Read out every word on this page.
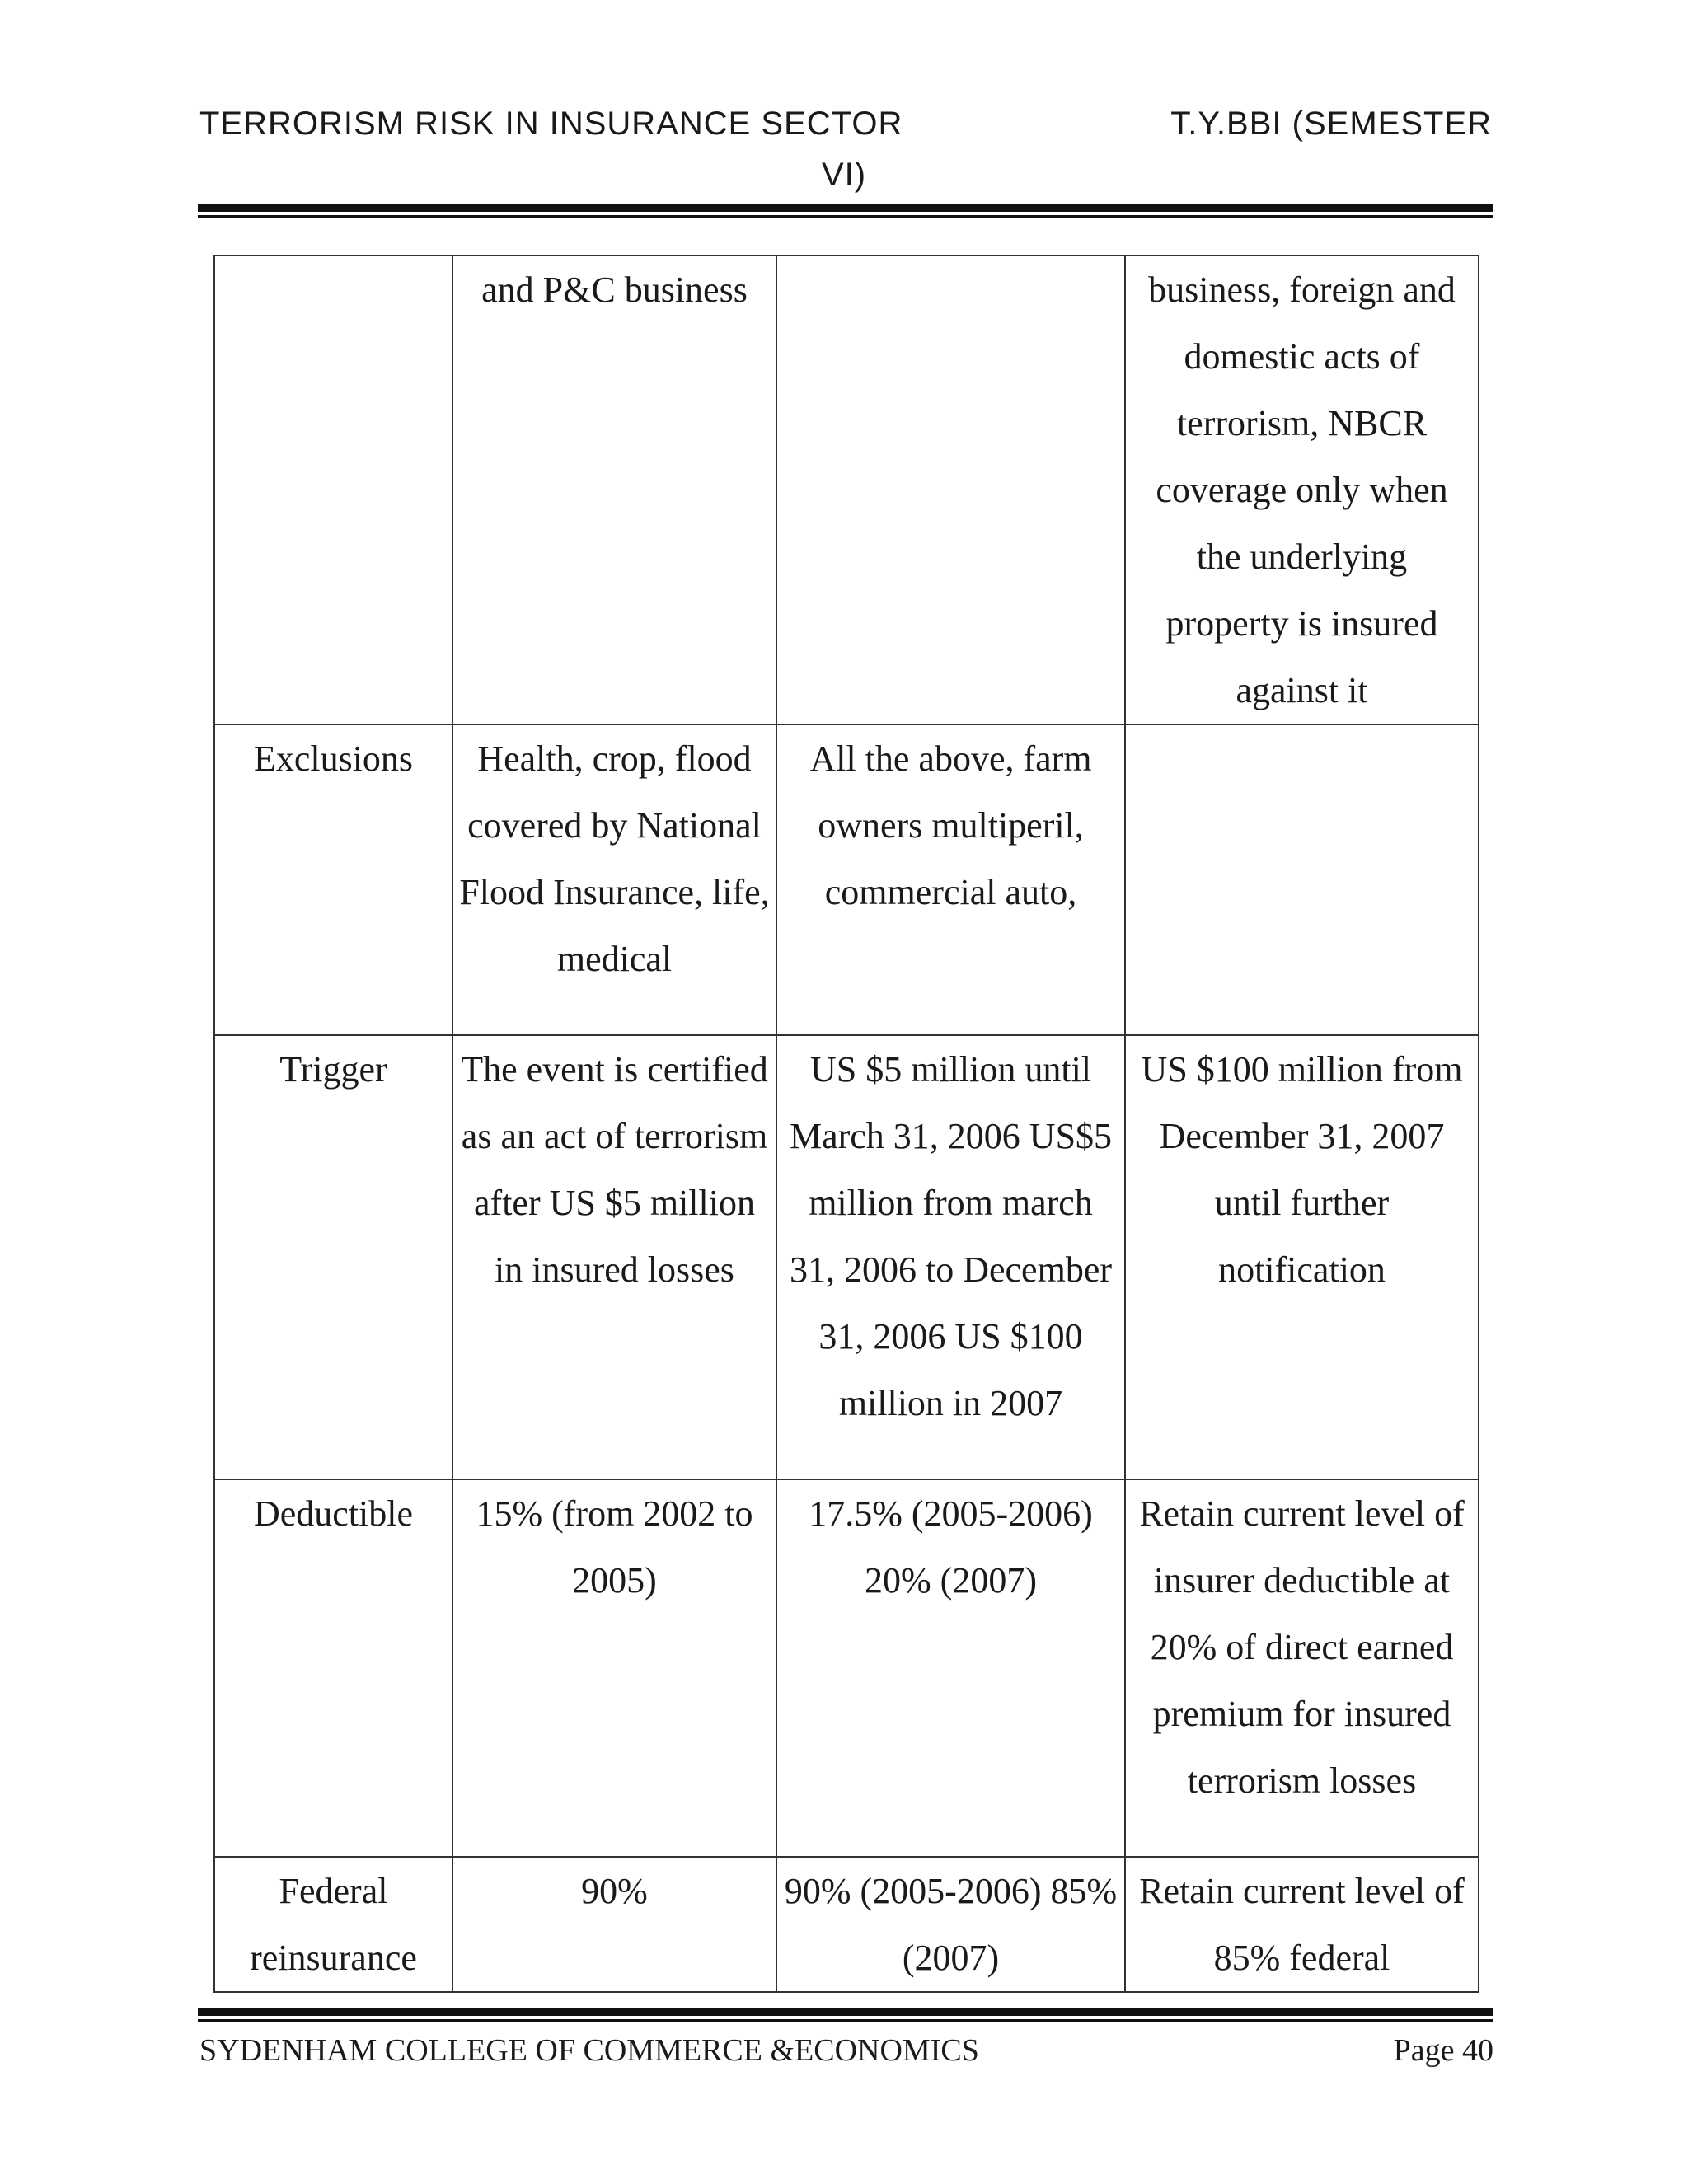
TERRORISM RISK IN INSURANCE SECTOR	T.Y.BBI (SEMESTER
VI)
	and P&C business		business, foreign and domestic acts of terrorism, NBCR coverage only when the underlying property is insured against it
Exclusions	Health, crop, flood covered by National Flood Insurance, life, medical	All the above, farm owners multiperil, commercial auto,	
Trigger	The event is certified as an act of terrorism after US $5 million in insured losses	US $5 million until March 31, 2006 US$5 million from march 31, 2006 to December 31, 2006 US $100 million in 2007	US $100 million from December 31, 2007 until further notification
Deductible	15% (from 2002 to 2005)	17.5% (2005-2006) 20% (2007)	Retain current level of insurer deductible at 20% of direct earned premium for insured terrorism losses
Federal reinsurance	90%	90% (2005-2006) 85% (2007)	Retain current level of 85% federal
SYDENHAM COLLEGE OF COMMERCE &ECONOMICS	Page 40
